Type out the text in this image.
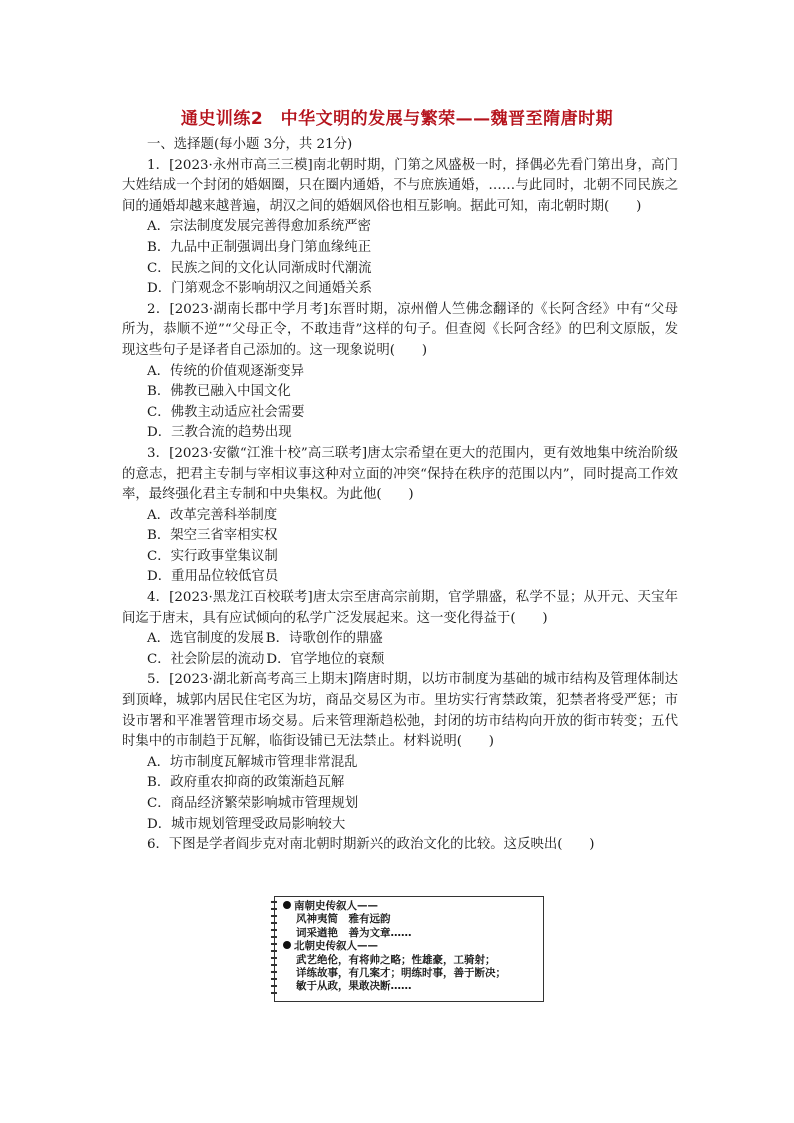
通史训练2　中华文明的发展与繁荣——魏晋至隋唐时期
一、选择题(每小题 3分，共 21分)
1．[2023·永州市高三三模]南北朝时期，门第之风盛极一时，择偶必先看门第出身，高门大姓结成一个封闭的婚姻圈，只在圈内通婚，不与庶族通婚，……与此同时，北朝不同民族之间的通婚却越来越普遍，胡汉之间的婚姻风俗也相互影响。据此可知，南北朝时期(　　)
A．宗法制度发展完善得愈加系统严密
B．九品中正制强调出身门第血缘纯正
C．民族之间的文化认同渐成时代潮流
D．门第观念不影响胡汉之间通婚关系
2．[2023·湖南长郡中学月考]东晋时期，凉州僧人竺佛念翻译的《长阿含经》中有“父母所为，恭顺不逆”“父母正令，不敢违背”这样的句子。但查阅《长阿含经》的巴利文原版，发现这些句子是译者自己添加的。这一现象说明(　　)
A．传统的价值观逐渐变异
B．佛教已融入中国文化
C．佛教主动适应社会需要
D．三教合流的趋势出现
3．[2023·安徽“江淮十校”高三联考]唐太宗希望在更大的范围内，更有效地集中统治阶级的意志，把君主专制与宰相议事这种对立面的冲突“保持在秩序的范围以内”，同时提高工作效率，最终强化君主专制和中央集权。为此他(　　)
A．改革完善科举制度
B．架空三省宰相实权
C．实行政事堂集议制
D．重用品位较低官员
4．[2023·黑龙江百校联考]唐太宗至唐高宗前期，官学鼎盛，私学不显；从开元、天宝年间迄于唐末，具有应试倾向的私学广泛发展起来。这一变化得益于(　　)
A．选官制度的发展 B．诗歌创作的鼎盛
C．社会阶层的流动 D．官学地位的衰颓
5．[2023·湖北新高考高三上期末]隋唐时期，以坊市制度为基础的城市结构及管理体制达到顶峰，城郭内居民住宅区为坊，商品交易区为市。里坊实行宵禁政策，犯禁者将受严惩；市设市署和平准署管理市场交易。后来管理渐趋松弛，封闭的坊市结构向开放的街市转变；五代时集中的市制趋于瓦解，临街设铺已无法禁止。材料说明(　　)
A．坊市制度瓦解城市管理非常混乱
B．政府重农抑商的政策渐趋瓦解
C．商品经济繁荣影响城市管理规划
D．城市规划管理受政局影响较大
6．下图是学者阎步克对南北朝时期新兴的政治文化的比较。这反映出(　　)
南朝史传叙人——
风神夷简　雅有远韵
词采遒艳　善为文章……
北朝史传叙人——
武艺绝伦，有将帅之略；性雄豪，工骑射；
详练故事，有几案才；明练时事，善于断决；
敏于从政，果敢决断……
